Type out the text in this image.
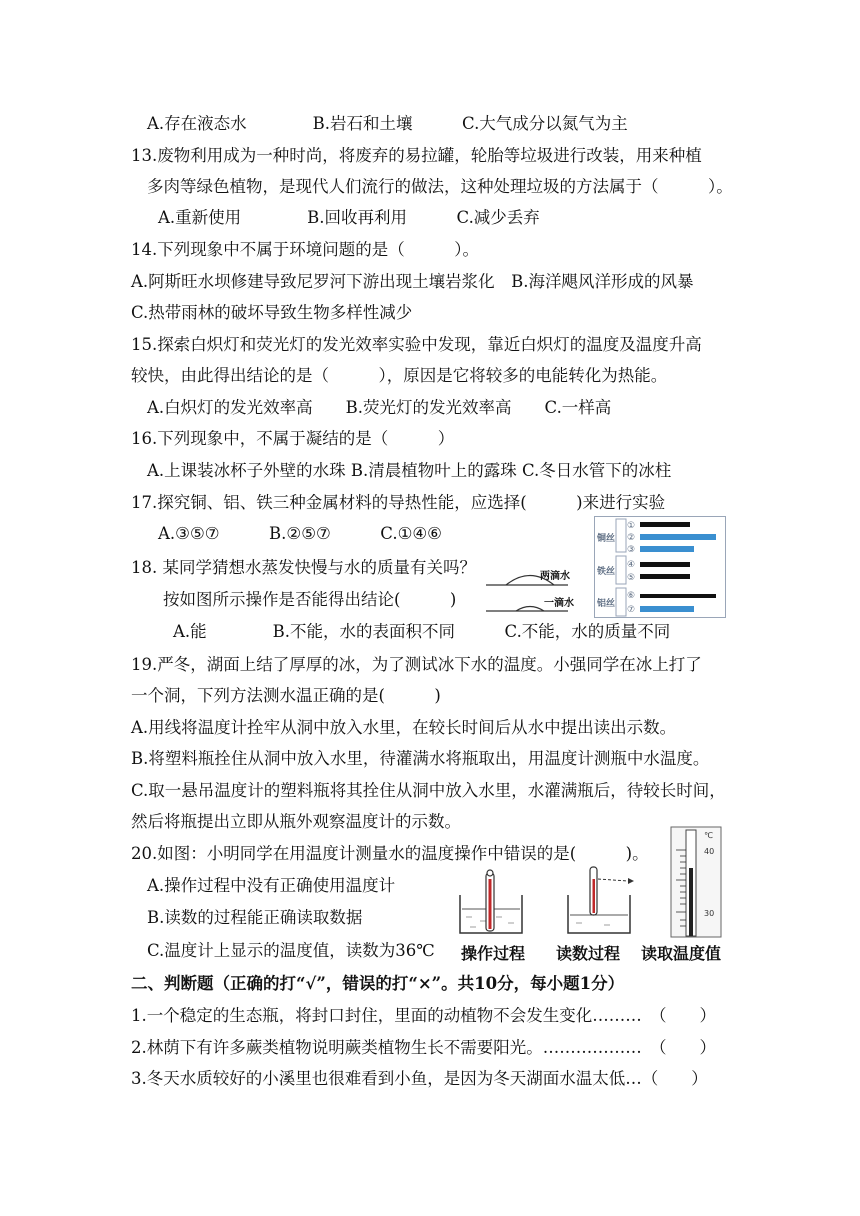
A.存在液态水　　　　B.岩石和土壤　　　C.大气成分以氮气为主
13.废物利用成为一种时尚，将废弃的易拉罐，轮胎等垃圾进行改装，用来种植
多肉等绿色植物，是现代人们流行的做法，这种处理垃圾的方法属于（　　　）。
A.重新使用　　　　B.回收再利用　　　C.减少丢弃
14.下列现象中不属于环境问题的是（　　　）。
A.阿斯旺水坝修建导致尼罗河下游出现土壤岩浆化　B.海洋飓风洋形成的风暴
C.热带雨林的破坏导致生物多样性减少
15.探索白炽灯和荧光灯的发光效率实验中发现，靠近白炽灯的温度及温度升高
较快，由此得出结论的是（　　　），原因是它将较多的电能转化为热能。
A.白炽灯的发光效率高　　B.荧光灯的发光效率高　　C.一样高
16.下列现象中，不属于凝结的是（　　　）
A.上课装冰杯子外壁的水珠 B.清晨植物叶上的露珠 C.冬日水管下的冰柱
17.探究铜、铝、铁三种金属材料的导热性能，应选择(　　　)来进行实验
A.③⑤⑦　　　B.②⑤⑦　　　C.①④⑥
18. 某同学猜想水蒸发快慢与水的质量有关吗？
按如图所示操作是否能得出结论(　　　)
A.能　　　　B.不能，水的表面积不同　　　C.不能，水的质量不同
19.严冬，湖面上结了厚厚的冰，为了测试冰下水的温度。小强同学在冰上打了
一个洞，下列方法测水温正确的是(　　　)
A.用线将温度计拴牢从洞中放入水里，在较长时间后从水中提出读出示数。
B.将塑料瓶拴住从洞中放入水里，待灌满水将瓶取出，用温度计测瓶中水温度。
C.取一悬吊温度计的塑料瓶将其拴住从洞中放入水里，水灌满瓶后，待较长时间，
然后将瓶提出立即从瓶外观察温度计的示数。
20.如图：小明同学在用温度计测量水的温度操作中错误的是(　　　)。
A.操作过程中没有正确使用温度计
B.读数的过程能正确读取数据
C.温度计上显示的温度值，读数为36℃
二、判断题（正确的打“√”，错误的打“×”。共10分，每小题1分）
1.一个稳定的生态瓶，将封口封住，里面的动植物不会发生变化………　（　　）
2.林荫下有许多蕨类植物说明蕨类植物生长不需要阳光。………………　（　　）
3.冬天水质较好的小溪里也很难看到小鱼，是因为冬天湖面水温太低…（　　）
铜丝
铁丝
铝丝
①
②
③
④
⑤
⑥
⑦
两滴水
一滴水
℃
40
30
操作过程 读数过程 读取温度值
